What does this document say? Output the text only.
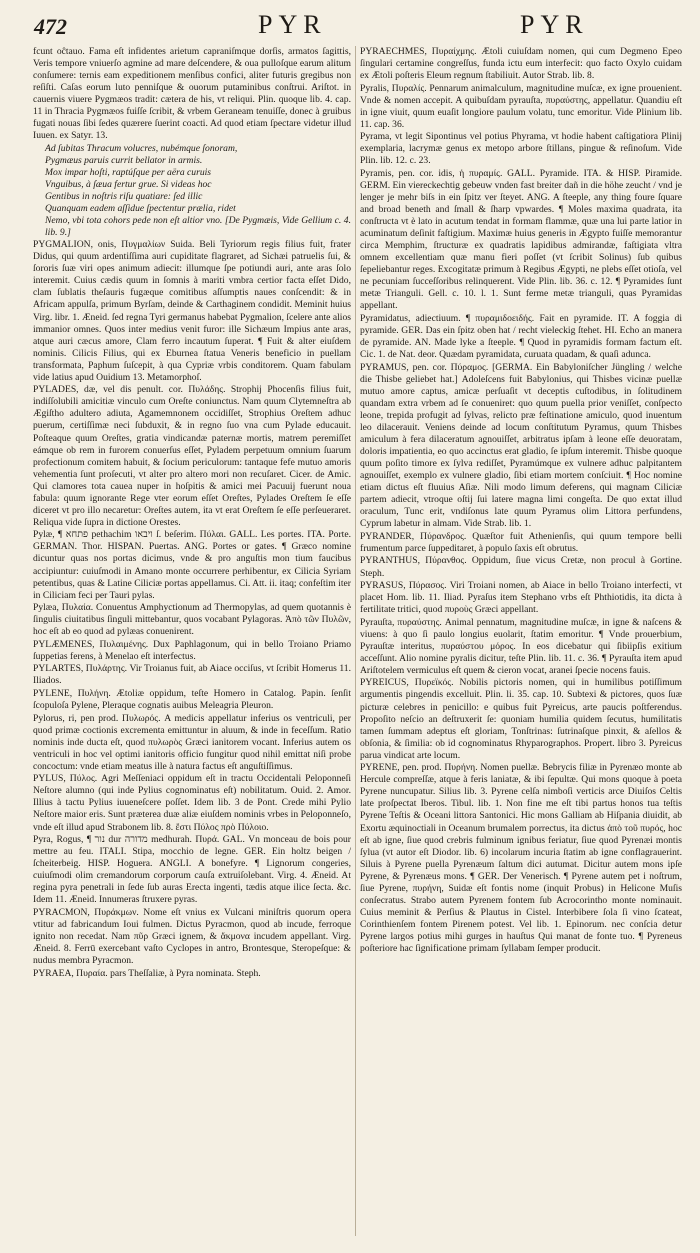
472	PYR	PYR

fcunt oĉtauo. Fama eſt infidentes arietum capraniſmque dorſis, armatos ſagittis, Veris tempore vniuerſo agmine ad mare deſcendere, & oua pulloſque earum alitum conſumere: ternis eam expeditionem menſibus confici, aliter futuris gregibus non reſiſti. Caſas eorum luto penniſque & ouorum putaminibus conſtrui. Ariſtot. in cauernis viuere Pygmæos tradit: cætera de his, vt reliqui. Plin. quoque lib. 4. cap. 11 in Thracia Pygmæos fuiſſe ſcribit, & vrbem Geraneam tenuiſſe, donec à gruibus fugati nouas ſibi ſedes quærere ſuerint coacti. Ad quod etiam ſpectare videtur illud Iuuen. ex Satyr. 13.

Ad ſubitas Thracum volucres, nubémque ſonoram,
Pygmæus paruis currit bellator in armis.
Mox impar hoſti, raptúſque per aëra curuis
Vnguibus, à ſæua fertur grue. Si videas hoc
Gentibus in noſtris riſu quatiare: ſed illic
Quanquam eadem aſſidue ſpectentur prælia, ridet
Nemo, vbi tota cohors pede non eſt altior vno. [De Pygmæis, Vide Gellium c. 4. lib. 9.]

PYGMALION, onis, Πυγμαλίων Suida. Beli Tyriorum regis filius fuit, frater Didus, qui quum ardentiſſima auri cupiditate flagraret, ad Sichæi patruelis ſui, & ſororis ſuæ viri opes animum adiecit: illumque ſpe potiundi auri, ante aras ſolo interemit. Cuius cædis quum in ſomnis à mariti vmbra certior facta eſſet Dido, clam ſublatis theſauris fugæque comitibus aſſumptis naues conſcendit: & in Africam appulſa, primum Byrſam, deinde & Carthaginem condidit. Meminit huius Virg. libr. 1. Æneid. ſed regna Tyri germanus habebat Pygmalion, ſcelere ante alios immanior omnes. Quos inter medius venit furor: ille Sichæum Impius ante aras, atque auri cæcus amore, Clam ferro incautum ſuperat. ¶ Fuit & alter eiuſdem nominis. Cilicis Filius, qui ex Eburnea ſtatua Veneris beneficio in puellam transformata, Paphum ſuſcepit, à qua Cypriæ vrbis conditorem. Quam fabulam vide latius apud Ouidium 13. Metamorphoſ.

PYLADES, dæ, vel dis penult. cor. Πυλάδης. Strophij Phocenſis filius fuit, indiſſolubili amicitiæ vinculo cum Oreſte coniunctus. Nam quum Clytemneſtra ab Ægiſtho adultero adiuta, Agamemnonem occidiſſet, Strophius Oreſtem adhuc puerum, certiſſimæ neci ſubduxit, & in regno ſuo vna cum Pylade educauit. Poſteaque quum Oreſtes, gratia vindicandæ paternæ mortis, matrem peremiſſet eámque ob rem in furorem conuerſus eſſet, Pyladem perpetuum omnium ſuarum profectionum comitem habuit, & ſocium periculorum: tantaque fefe mutuo amoris vehementia ſunt proſecuti, vt alter pro altero mori non recuſaret. Cicer. de Amic. Qui clamores tota cauea nuper in hoſpitis & amici mei Pacuuij fuerunt noua fabula: quum ignorante Rege vter eorum eſſet Oreſtes, Pylades Oreſtem ſe eſſe diceret vt pro illo necaretur: Oreſtes autem, ita vt erat Oreſtem ſe eſſe perſeueraret. Reliqua vide ſupra in dictione Orestes.

Pylæ, ¶ פתחא pethachim ויבאו ſ. beſerim. Πύλαι. GALL. Les portes. ITA. Porte. GERMAN. Thor. HISPAN. Puertas. ANG. Portes or gates. ¶ Græco nomine dicuntur quas nos portas dicimus, vnde & pro anguſtis mon tium faucibus accipiuntur: cuiuſmodi in Amano monte occurrere perhibentur, ex Cilicia Syriam petentibus, quas & Latine Ciliciæ portas appellamus. Ci. Att. ii. itaq; confeſtim iter in Ciliciam feci per Tauri pylas.

Pylæa, Πυλαία. Conuentus Amphyctionum ad Thermopylas, ad quem quotannis è ſingulis ciuitatibus ſinguli mittebantur, quos vocabant Pylagoras. Ἀπὸ τῶν Πυλῶν, hoc eſt ab eo quod ad pylæas conuenirent.

PYLÆMENES, Πυλαιμένης. Dux Paphlagonum, qui in bello Troiano Priamo ſuppetias ferens, à Menelao eſt interfectus.

PYLARTES, Πυλάρτης. Vir Troianus fuit, ab Aiace occiſus, vt ſcribit Homerus 11. Iliados.

PYLENE, Πυλήνη. Ætoliæ oppidum, teſte Homero in Catalog. Papin. ſenſit ſcopuloſa Pylene, Pleraque cognatis auibus Meleagria Pleuron.

Pylorus, ri, pen prod. Πυλωρός. A medicis appellatur inferius os ventriculi, per quod primæ coctionis excrementa emittuntur in aluum, & inde in feceſſum. Ratio nominis inde ducta eſt, quod πυλωρὸς Græci ianitorem vocant. Inferius autem os ventriculi in hoc vel optimi ianitoris officio fungitur quod nihil emittat niſi probe concoctum: vnde etiam meatus ille à natura factus eſt anguſtiſſimus.

PYLUS, Πύλος. Agri Meſſeniaci oppidum eſt in tractu Occidentali Peloponneſi Neſtore alumno (qui inde Pylius cognominatus eſt) nobilitatum. Ouid. 2. Amor. Illius à tactu Pylius iuueneſcere poſſet. Idem lib. 3 de Pont. Crede mihi Pylio Neſtore maior eris. Sunt præterea duæ aliæ eiuſdem nominis vrbes in Peloponneſo, vnde eſt illud apud Strabonem lib. 8. ἔστι Πύλος πρὸ Πύλοιο.

Pyra, Rogus, ¶ נור dur מדורה medhurah. Πυρά. GAL. Vn monceau de bois pour mettre au feu. ITALI. Stipa, mocchio de legne. GER. Ein holtz beigen / ſcheiterbeig. HISP. Hoguera. ANGLI. A bonefyre. ¶ Lignorum congeries, cuiuſmodi olim cremandorum corporum cauſa extruiſolebant. Virg. 4. Æneid. At regina pyra penetrali in ſede ſub auras Erecta ingenti, tædis atque ilice ſecta. &c. Idem 11. Æneid. Innumeras ſtruxere pyras.

PYRACMON, Πυράκμων. Nome eſt vnius ex Vulcani miniſtris quorum opera vtitur ad fabricandum Ioui fulmen. Dictus Pyracmon, quod ab incude, ferroque ignito non recedat. Nam πῦρ Græci ignem, & ἄκμονα incudem appellant. Virg. Æneid. 8. Ferrū exercebant vaſto Cyclopes in antro, Brontesque, Steropeſque: & nudus membra Pyracmon.

PYRAEA, Πυραία. pars Theſſaliæ, à Pyra nominata. Steph.

PYRAECHMES, Πυραίχμης. Ætoli cuiuſdam nomen, qui cum Degmeno Epeo ſingulari certamine congreſſus, funda ictu eum interfecit: quo facto Oxylo cuidam ex Ætoli poſteris Eleum regnum ſtabiliuit. Autor Strab. lib. 8.

Pyralis, Πυραλίς. Pennarum animalculum, magnitudine muſcæ, ex igne prouenient. Vnde & nomen accepit. A quibuſdam pyrauſta, πυραύστης, appellatur. Quandiu eſt in igne viuit, quum euaſit longiore paulum volatu, tunc emoritur. Vide Plinium lib. 11. cap. 36.

Pyrama, vt legit Sipontinus vel potius Phyrama, vt hodie habent caſtigatiora Plinij exemplaria, lacrymæ genus ex metopo arbore ſtillans, pingue & reſinoſum. Vide Plin. lib. 12. c. 23.

Pyramis, pen. cor. idis, ἡ πυραμίς. GALL. Pyramide. ITA. & HISP. Piramide. GERM. Ein viereckechtig gebeuw vnden fast breiter dañ in die höhe zeucht / vnd je lenger je mehr biſs in ein ſpitz ver ſteyet. ANG. A ſteeple, any thing foure ſquare and broad beneth and ſmall & ſharp vpwardes. ¶ Moles maxima quadrata, ita conſtructa vt è lato in acutum tendat in formam flammæ, quæ una lui parte latior in acuminatum deſinit faſtigium. Maximæ huius generis in Ægypto fuiſſe memorantur circa Memphim, ſtructuræ ex quadratis lapidibus admirandæ, faſtigiata vltra omnem excellentiam quæ manu fieri poſſet (vt ſcribit Solinus) ſub quibus ſepeliebantur reges. Excogitatæ primum à Regibus Ægypti, ne plebs eſſet otioſa, vel ne pecuniam ſucceſſoribus relinquerent. Vide Plin. lib. 36. c. 12. ¶ Pyramides ſunt metæ Trianguli. Gell. c. 10. l. 1. Sunt ferme metæ trianguli, quas Pyramidas appellant.

Pyramidatus, adiectiuum. ¶ πυραμιδοειδής. Fait en pyramide. IT. A foggia di pyramide. GER. Das ein ſpitz oben hat / recht vieleckig ſtehet. HI. Echo an manera de pyramide. AN. Made lyke a ſteeple. ¶ Quod in pyramidis formam factum eſt. Cic. 1. de Nat. deor. Quædam pyramidata, curuata quadam, & quaſi adunca.

PYRAMUS, pen. cor. Πύραμος. [GERMA. Ein Babyloniſcher Jüngling / welche die Thisbe geliebet hat.] Adoleſcens fuit Babylonius, qui Thisbes vicinæ puellæ mutuo amore captus, amicæ perſuaſit vt deceptis cuſtodibus, in ſolitudinem quandam extra vrbem ad ſe conueniret: quo quum puella prior veniſſet, conſpecto leone, trepida profugit ad ſylvas, relicto præ feſtinatione amiculo, quod inuentum leo dilacerauit. Veniens deinde ad locum conſtitutum Pyramus, quum Thisbes amiculum à fera dilaceratum agnouiſſet, arbitratus ipſam à leone eſſe deuoratam, doloris impatientia, eo quo accinctus erat gladio, ſe ipſum interemit. Thisbe quoque quum poſito timore ex ſylva rediſſet, Pyramúmque ex vulnere adhuc palpitantem agnouiſſet, exemplo ex vulnere gladio, ſibi etiam mortem conſciuit. ¶ Hoc nomine etiam dictus eſt fluuius Aſiæ. Nili modo limum deferens, qui magnam Ciliciæ partem adiecit, vtroque oſtij ſui latere magna limi congeſta. De quo extat illud oraculum, Tunc erit, vndiſonus late quum Pyramus olim Littora perfundens, Cyprum labetur in almam. Vide Strab. lib. 1.

PYRANDER, Πύρανδρος. Quæſtor fuit Athenienſis, qui quum tempore belli frumentum parce ſuppeditaret, à populo ſaxis eſt obrutus.

PYRANTHUS, Πύρανθος. Oppidum, ſiue vicus Cretæ, non procul à Gortine. Steph.

PYRASUS, Πύρασος. Viri Troiani nomen, ab Aiace in bello Troiano interfecti, vt placet Hom. lib. 11. Iliad. Pyraſus item Stephano vrbs eſt Phthiotidis, ita dicta à fertilitate tritici, quod πυροὺς Græci appellant.

Pyrauſta, πυραύστης. Animal pennatum, magnitudine muſcæ, in igne & naſcens & viuens: à quo ſi paulo longius euolarit, ſtatim emoritur. ¶ Vnde prouerbium, Pyrauſtæ interitus, πυραύστου μόρος. In eos dicebatur qui ſibiipſis exitium acceſſunt. Alio nomine pyralis dicitur, teſte Plin. lib. 11. c. 36. ¶ Pyrauſta item apud Ariſtotelem vermiculus eſt quem & cieron vocat, aranei ſpecie nocens fauis.

PYREICUS, Πυρεϊκός. Nobilis pictoris nomen, qui in humilibus potiſſimum argumentis pingendis excelluit. Plin. li. 35. cap. 10. Subtexi & pictores, quos ſuæ picturæ celebres in penicillo: e quibus fuit Pyreicus, arte paucis poſtferendus. Propoſito neſcio an deſtruxerit ſe: quoniam humilia quidem ſecutus, humilitatis tamen ſummam adeptus eſt gloriam, Tonſtrinas: ſutrinaſque pinxit, & aſellos & obſonia, & ſimilia: ob id cognominatus Rhyparographos. Propert. libro 3. Pyreicus parua vindicat arte locum.

PYRENE, pen. prod. Πυρήνη. Nomen puellæ. Bebrycis filiæ in Pyrenæo monte ab Hercule compreſſæ, atque à feris laniatæ, & ibi ſepultæ. Qui mons quoque à poeta Pyrene nuncupatur. Silius lib. 3. Pyrene celſa nimboſi verticis arce Diuiſos Celtis late proſpectat Iberos. Tibul. lib. 1. Non fine me eſt tibi partus honos tua teſtis Pyrene Teſtis & Oceani littora Santonici. Hic mons Galliam ab Hiſpania diuidit, ab Exortu æquinoctiali in Oceanum brumalem porrectus, ita dictus ἀπὸ τοῦ πυρός, hoc eſt ab igne, ſiue quod crebris fulminum ignibus feriatur, ſiue quod Pyrenæi montis ſylua (vt autor eſt Diodor. lib. 6) incolarum incuria ſtatim ab igne conflagrauerint. Siluis à Pyrene puella Pyrenæum ſaltum dici autumat. Dicitur autem mons ipſe Pyrene, & Pyrenæus mons. ¶ GER. Der Venerisch. ¶ Pyrene autem pet i noſtrum, ſiue Pyrene, πυρήνη, Suidæ eſt fontis nome (inquit Probus) in Helicone Muſis conſecratus. Strabo autem Pyrenem fontem ſub Acrocorintho monte nominauit. Cuius meminit & Perſius & Plautus in Cistel. Interbibere ſola ſi vino ſcateat, Corinthienſem fontem Pirenem potest. Vel lib. 1. Epinorum. nec conſcia detur Pyrene largos potius mihi gurges in hauſtus Qui manat de fonte tuo. ¶ Pyreneus poſteriore hac ſignificatione primam ſyllabam ſemper producit.
